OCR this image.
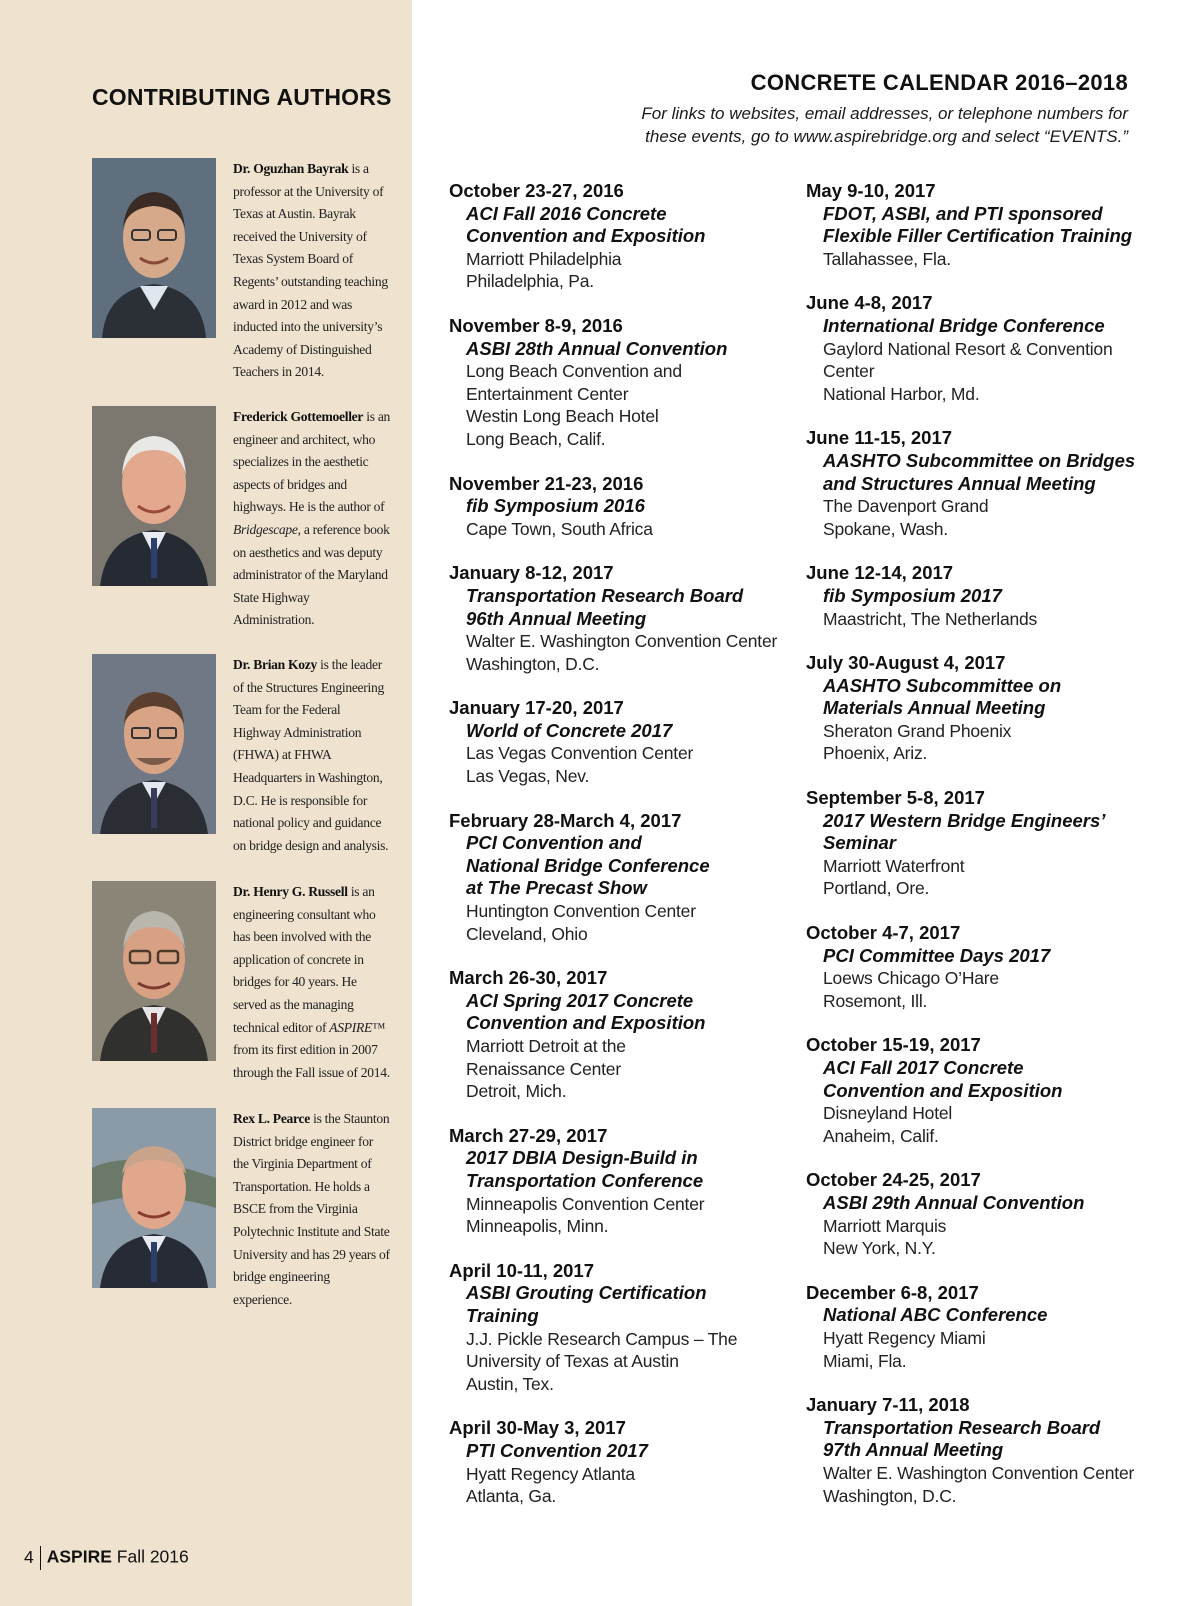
CONTRIBUTING AUTHORS
Dr. Oguzhan Bayrak is a professor at the University of Texas at Austin. Bayrak received the University of Texas System Board of Regents’ outstanding teaching award in 2012 and was inducted into the university’s Academy of Distinguished Teachers in 2014.
Frederick Gottemoeller is an engineer and architect, who specializes in the aesthetic aspects of bridges and highways. He is the author of Bridgescape, a reference book on aesthetics and was deputy administrator of the Maryland State Highway Administration.
Dr. Brian Kozy is the leader of the Structures Engineering Team for the Federal Highway Administration (FHWA) at FHWA Headquarters in Washington, D.C. He is responsible for national policy and guidance on bridge design and analysis.
Dr. Henry G. Russell is an engineering consultant who has been involved with the application of concrete in bridges for 40 years. He served as the managing technical editor of ASPIRE™ from its first edition in 2007 through the Fall issue of 2014.
Rex L. Pearce is the Staunton District bridge engineer for the Virginia Department of Transportation. He holds a BSCE from the Virginia Polytechnic Institute and State University and has 29 years of bridge engineering experience.
CONCRETE CALENDAR 2016–2018

For links to websites, email addresses, or telephone numbers for
these events, go to www.aspirebridge.org and select “EVENTS.”

October 23-27, 2016
ACI Fall 2016 Concrete
Convention and Exposition
Marriott Philadelphia
Philadelphia, Pa.
November 8-9, 2016
ASBI 28th Annual Convention
Long Beach Convention and
Entertainment Center
Westin Long Beach Hotel
Long Beach, Calif.
November 21-23, 2016
fib Symposium 2016
Cape Town, South Africa
January 8-12, 2017
Transportation Research Board
96th Annual Meeting
Walter E. Washington Convention Center
Washington, D.C.
January 17-20, 2017
World of Concrete 2017
Las Vegas Convention Center
Las Vegas, Nev.
February 28-March 4, 2017
PCI Convention and
National Bridge Conference
at The Precast Show
Huntington Convention Center
Cleveland, Ohio
March 26-30, 2017
ACI Spring 2017 Concrete
Convention and Exposition
Marriott Detroit at the
Renaissance Center
Detroit, Mich.
March 27-29, 2017
2017 DBIA Design-Build in
Transportation Conference
Minneapolis Convention Center
Minneapolis, Minn.
April 10-11, 2017
ASBI Grouting Certification
Training
J.J. Pickle Research Campus – The
University of Texas at Austin
Austin, Tex.
April 30-May 3, 2017
PTI Convention 2017
Hyatt Regency Atlanta
Atlanta, Ga.
May 9-10, 2017
FDOT, ASBI, and PTI sponsored
Flexible Filler Certification Training
Tallahassee, Fla.
June 4-8, 2017
International Bridge Conference
Gaylord National Resort & Convention
Center
National Harbor, Md.
June 11-15, 2017
AASHTO Subcommittee on Bridges
and Structures Annual Meeting
The Davenport Grand
Spokane, Wash.
June 12-14, 2017
fib Symposium 2017
Maastricht, The Netherlands
July 30-August 4, 2017
AASHTO Subcommittee on
Materials Annual Meeting
Sheraton Grand Phoenix
Phoenix, Ariz.
September 5-8, 2017
2017 Western Bridge Engineers’
Seminar
Marriott Waterfront
Portland, Ore.
October 4-7, 2017
PCI Committee Days 2017
Loews Chicago O’Hare
Rosemont, Ill.
October 15-19, 2017
ACI Fall 2017 Concrete
Convention and Exposition
Disneyland Hotel
Anaheim, Calif.
October 24-25, 2017
ASBI 29th Annual Convention
Marriott Marquis
New York, N.Y.
December 6-8, 2017
National ABC Conference
Hyatt Regency Miami
Miami, Fla.
January 7-11, 2018
Transportation Research Board
97th Annual Meeting
Walter E. Washington Convention Center
Washington, D.C.
4 ASPIRE Fall 2016
